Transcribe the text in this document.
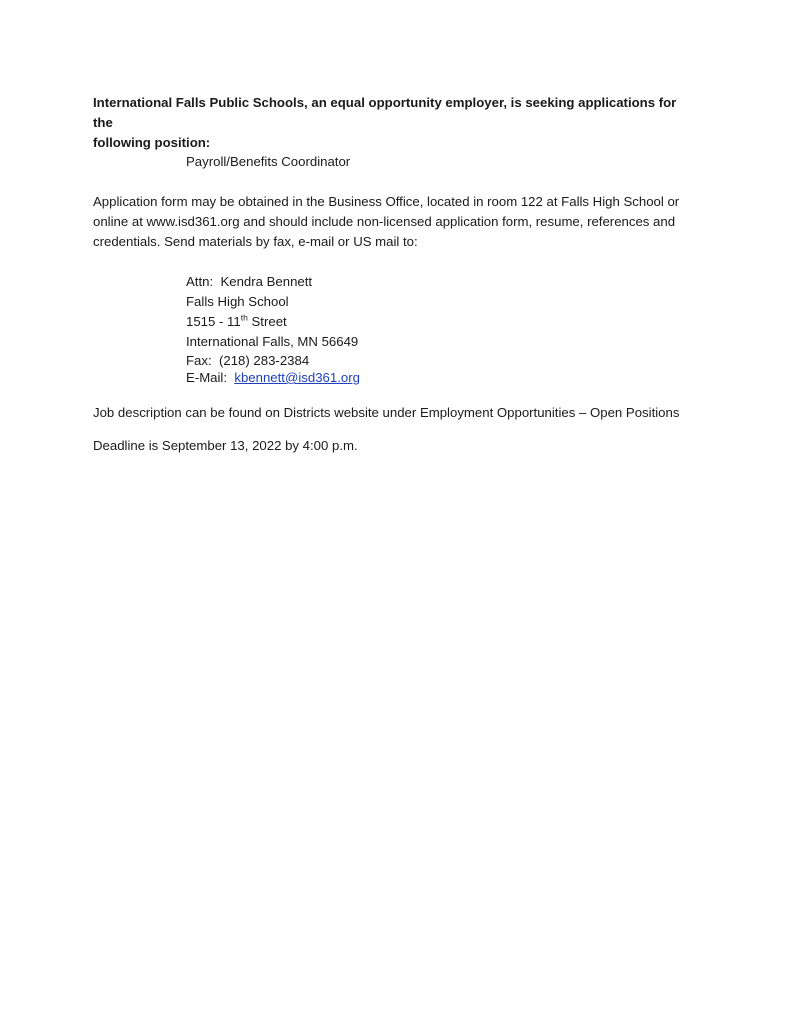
International Falls Public Schools, an equal opportunity employer, is seeking applications for the
following position:

Payroll/Benefits Coordinator

Application form may be obtained in the Business Office, located in room 122 at Falls High School or
online at www.isd361.org and should include non-licensed application form, resume, references and
credentials. Send materials by fax, e-mail or US mail to:

Attn:  Kendra Bennett
Falls High School
1515 - 11th Street
International Falls, MN 56649
Fax:  (218) 283-2384
E-Mail:  kbennett@isd361.org

Job description can be found on Districts website under Employment Opportunities – Open Positions

Deadline is September 13, 2022 by 4:00 p.m.
